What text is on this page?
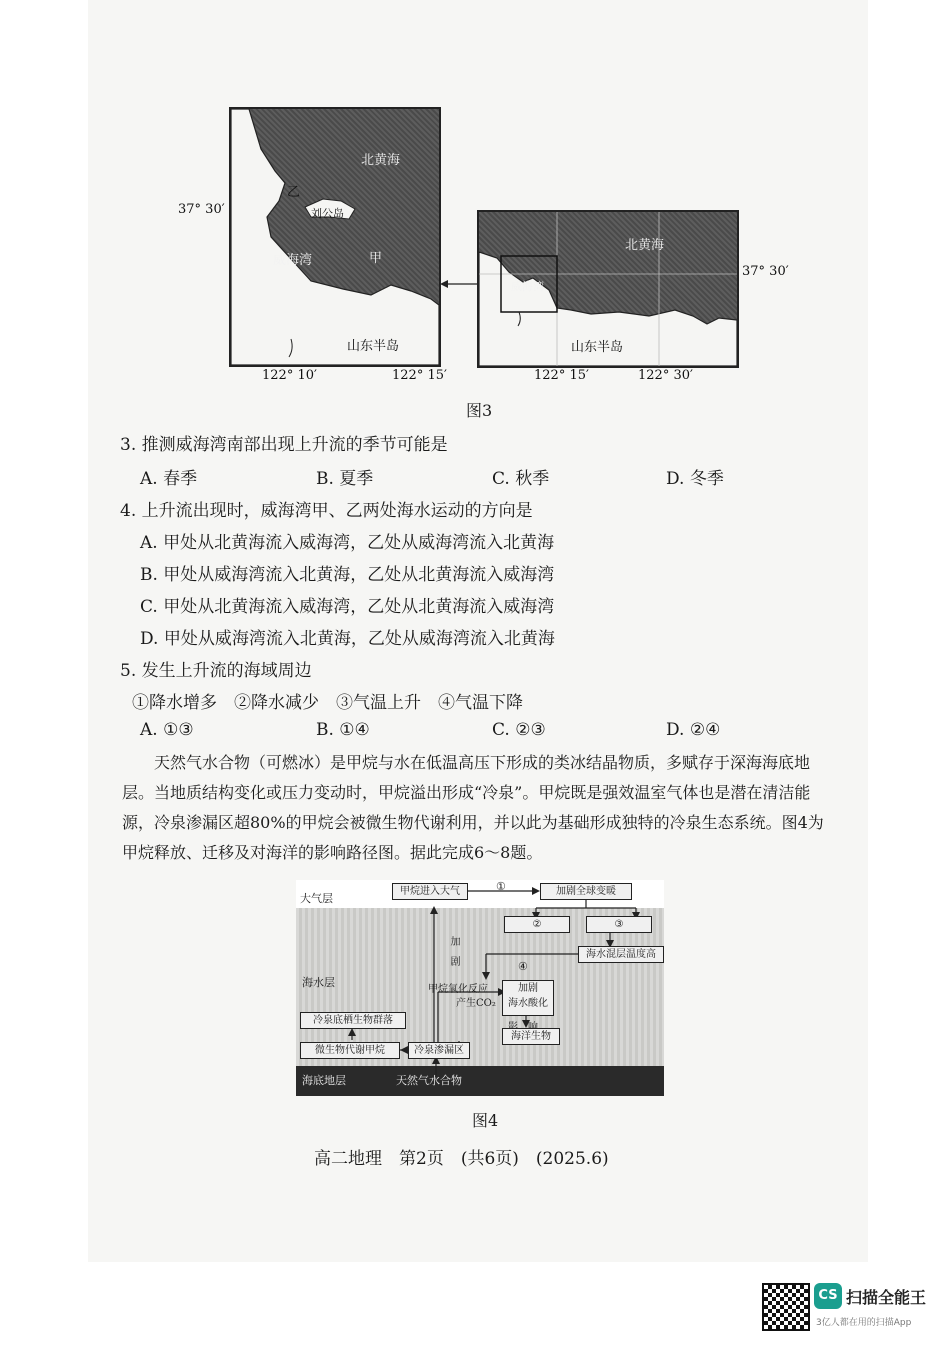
北黄海
乙
刘公岛
威海湾	甲
山东半岛
37° 30′
122° 10′	122° 15′
北黄海
威海湾
山东半岛
37° 30′
122° 15′	122° 30′
图3
3. 推测威海湾南部出现上升流的季节可能是
A. 春季	B. 夏季	C. 秋季	D. 冬季
4. 上升流出现时，威海湾甲、乙两处海水运动的方向是
A. 甲处从北黄海流入威海湾，乙处从威海湾流入北黄海
B. 甲处从威海湾流入北黄海，乙处从北黄海流入威海湾
C. 甲处从北黄海流入威海湾，乙处从北黄海流入威海湾
D. 甲处从威海湾流入北黄海，乙处从威海湾流入北黄海
5. 发生上升流的海域周边
①降水增多　②降水减少　③气温上升　④气温下降
A. ①③	B. ①④	C. ②③	D. ②④
天然气水合物（可燃冰）是甲烷与水在低温高压下形成的类冰结晶物质，多赋存于深海海底地层。当地质结构变化或压力变动时，甲烷溢出形成“冷泉”。甲烷既是强效温室气体也是潜在清洁能源，冷泉渗漏区超80%的甲烷会被微生物代谢利用，并以此为基础形成独特的冷泉生态系统。图4为甲烷释放、迁移及对海洋的影响路径图。据此完成6～8题。
大气层
海水层
海底地层
甲烷进入大气	①	加剧全球变暖
②	③
加　剧	海水混层温度高
④
甲烷氧化反应
产生CO₂
加剧
海水酸化
海洋生物
冷泉底栖生物群落
微生物代谢甲烷	冷泉渗漏区
天然气水合物
图4
高二地理　第2页　(共6页)　(2025.6)
CS 扫描全能王
3亿人都在用的扫描App
